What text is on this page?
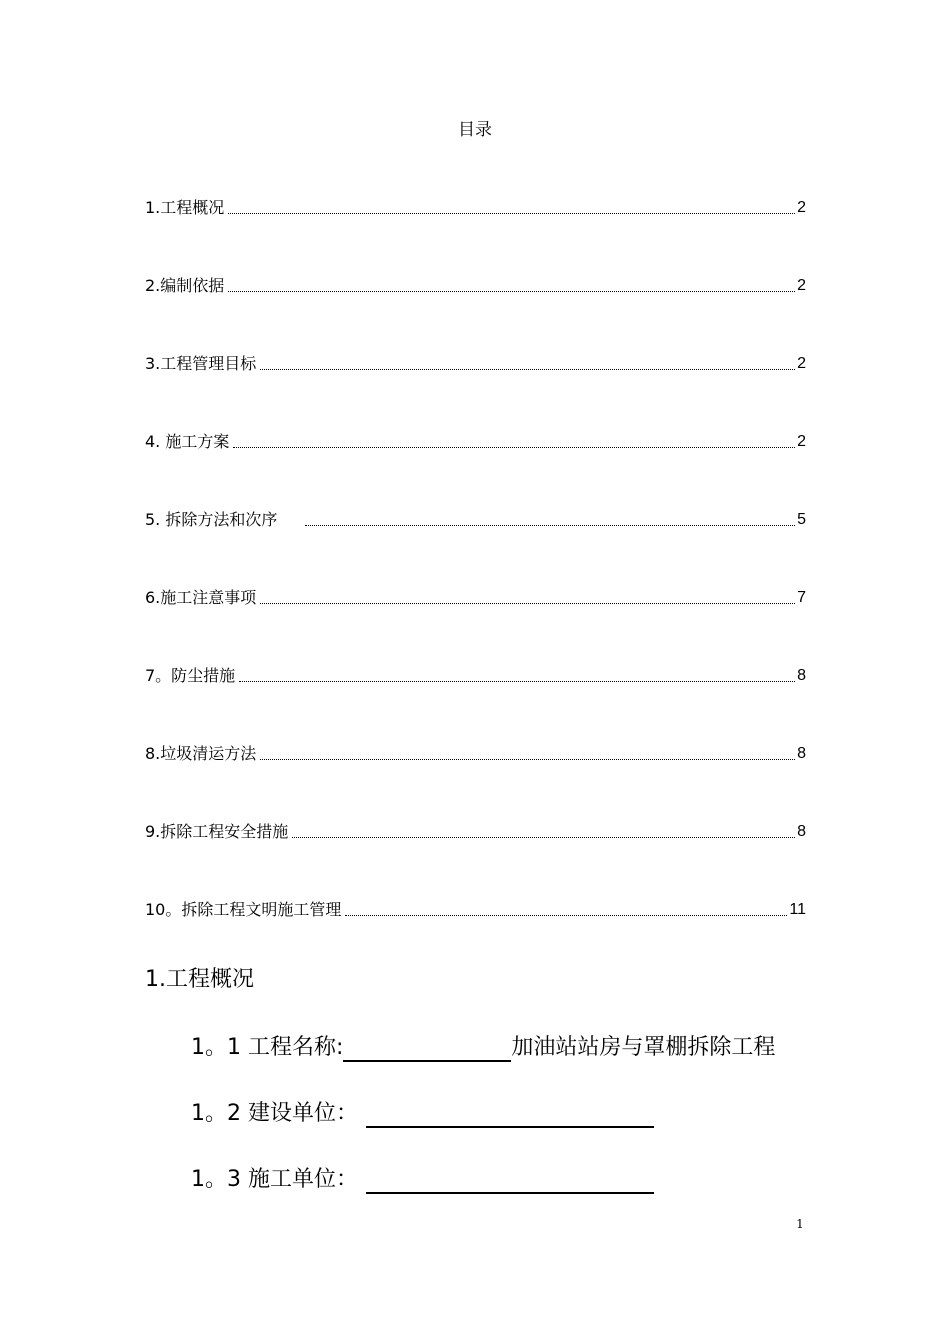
目录
1.工程概况	2
2.编制依据	2
3.工程管理目标	2
4. 施工方案	2
5. 拆除方法和次序	5
6.施工注意事项	7
7。防尘措施	8
8.垃圾清运方法	8
9.拆除工程安全措施	8
10。拆除工程文明施工管理	11
1.工程概况
1。1 工程名称:	加油站站房与罩棚拆除工程
1。2 建设单位：
1。3 施工单位：
1
